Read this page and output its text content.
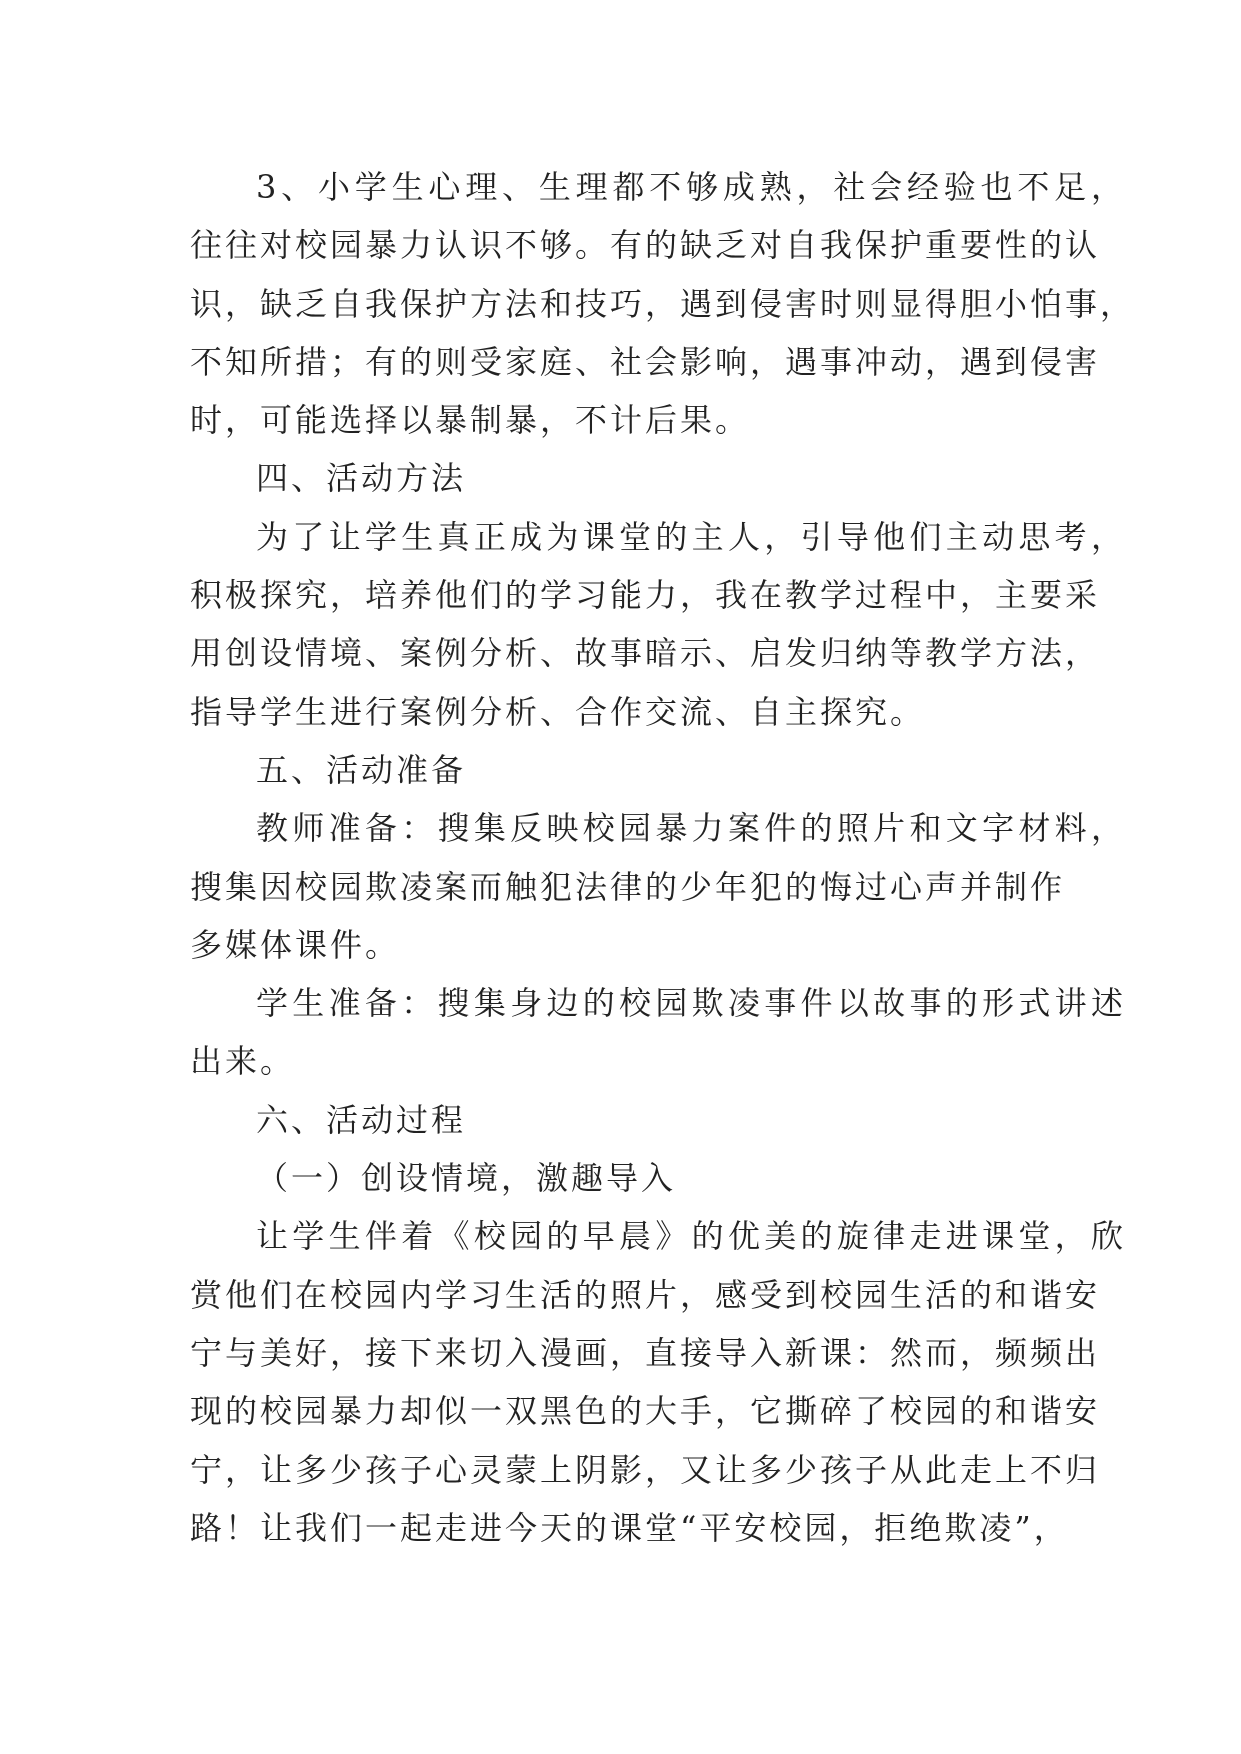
3、小学生心理、生理都不够成熟，社会经验也不足，
往往对校园暴力认识不够。有的缺乏对自我保护重要性的认
识，缺乏自我保护方法和技巧，遇到侵害时则显得胆小怕事，
不知所措；有的则受家庭、社会影响，遇事冲动，遇到侵害
时，可能选择以暴制暴，不计后果。
四、活动方法
为了让学生真正成为课堂的主人，引导他们主动思考，
积极探究，培养他们的学习能力，我在教学过程中，主要采
用创设情境、案例分析、故事暗示、启发归纳等教学方法，
指导学生进行案例分析、合作交流、自主探究。
五、活动准备
教师准备：搜集反映校园暴力案件的照片和文字材料，
搜集因校园欺凌案而触犯法律的少年犯的悔过心声并制作
多媒体课件。
学生准备：搜集身边的校园欺凌事件以故事的形式讲述
出来。
六、活动过程
（一）创设情境，激趣导入
让学生伴着《校园的早晨》的优美的旋律走进课堂，欣
赏他们在校园内学习生活的照片，感受到校园生活的和谐安
宁与美好，接下来切入漫画，直接导入新课：然而，频频出
现的校园暴力却似一双黑色的大手，它撕碎了校园的和谐安
宁，让多少孩子心灵蒙上阴影，又让多少孩子从此走上不归
路！让我们一起走进今天的课堂“平安校园，拒绝欺凌”，
